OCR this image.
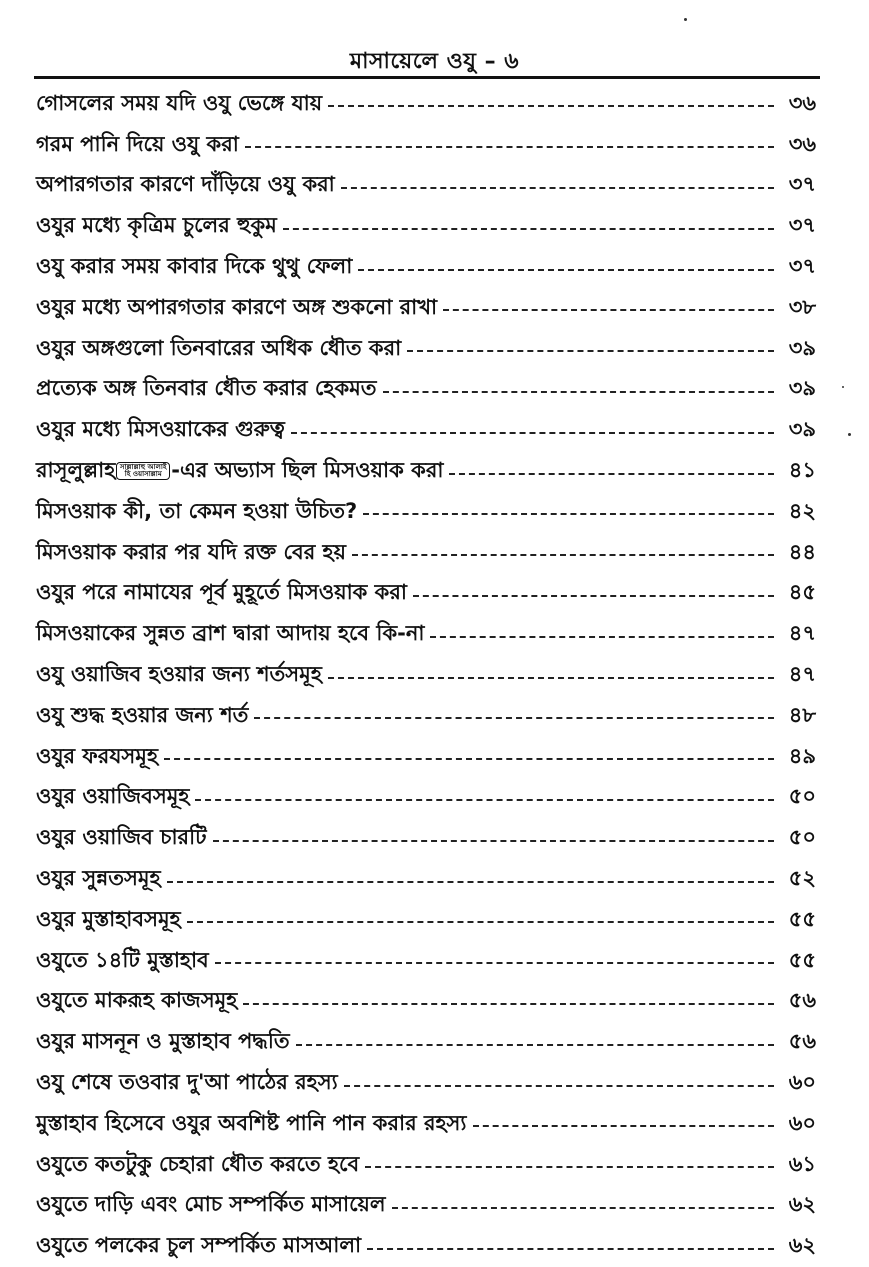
মাসায়েলে ওযু – ৬
গোসলের সময় যদি ওযু ভেঙ্গে যায়	৩৬
গরম পানি দিয়ে ওযু করা	৩৬
অপারগতার কারণে দাঁড়িয়ে ওযু করা	৩৭
ওযুর মধ্যে কৃত্রিম চুলের হুকুম	৩৭
ওযু করার সময় কাবার দিকে থুথু ফেলা	৩৭
ওযুর মধ্যে অপারগতার কারণে অঙ্গ শুকনো রাখা	৩৮
ওযুর অঙ্গগুলো তিনবারের অধিক ধৌত করা	৩৯
প্রত্যেক অঙ্গ তিনবার ধৌত করার হেকমত	৩৯
ওযুর মধ্যে মিসওয়াকের গুরুত্ব	৩৯
রাসূলুল্লাহ সাল্লাল্লাহু আলাইহি ওয়াসাল্লাম -এর অভ্যাস ছিল মিসওয়াক করা	৪১
মিসওয়াক কী, তা কেমন হওয়া উচিত?	৪২
মিসওয়াক করার পর যদি রক্ত বের হয়	৪৪
ওযুর পরে নামাযের পূর্ব মুহূর্তে মিসওয়াক করা	৪৫
মিসওয়াকের সুন্নত ব্রাশ দ্বারা আদায় হবে কি-না	৪৭
ওযু ওয়াজিব হওয়ার জন্য শর্তসমূহ	৪৭
ওযু শুদ্ধ হওয়ার জন্য শর্ত	৪৮
ওযুর ফরযসমূহ	৪৯
ওযুর ওয়াজিবসমূহ	৫০
ওযুর ওয়াজিব চারটি	৫০
ওযুর সুন্নতসমূহ	৫২
ওযুর মুস্তাহাবসমূহ	৫৫
ওযুতে ১৪টি মুস্তাহাব	৫৫
ওযুতে মাকরূহ কাজসমূহ	৫৬
ওযুর মাসনূন ও মুস্তাহাব পদ্ধতি	৫৬
ওযু শেষে তওবার দু'আ পাঠের রহস্য	৬০
মুস্তাহাব হিসেবে ওযুর অবশিষ্ট পানি পান করার রহস্য	৬০
ওযুতে কতটুকু চেহারা ধৌত করতে হবে	৬১
ওযুতে দাড়ি এবং মোচ সম্পর্কিত মাসায়েল	৬২
ওযুতে পলকের চুল সম্পর্কিত মাসআলা	৬২
